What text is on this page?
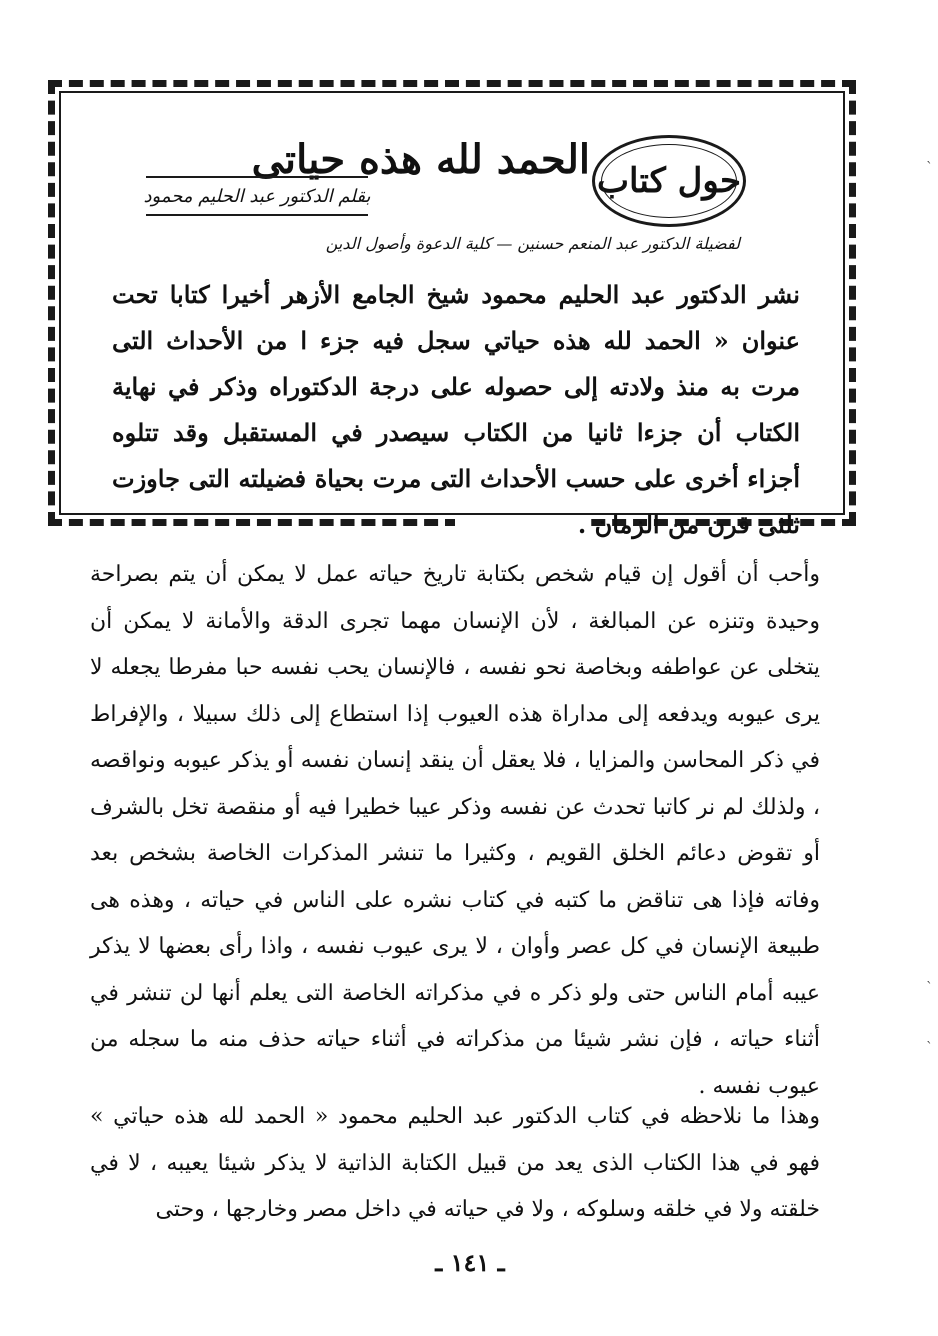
حول كتاب
الحمد لله هذه حياتى
بقلم الدكتور عبد الحليم محمود
لفضيلة الدكتور عبد المنعم حسنين — كلية الدعوة وأصول الدين

نشر الدكتور عبد الحليم محمود شيخ الجامع الأزهر أخيرا كتابا تحت عنوان « الحمد لله هذه حياتي سجل فيه جزء ا من الأحداث التى مرت به منذ ولادته إلى حصوله على درجة الدكتوراه وذكر في نهاية الكتاب أن جزءا ثانيا من الكتاب سيصدر في المستقبل وقد تتلوه أجزاء أخرى على حسب الأحداث التى مرت بحياة فضيلته التى جاوزت ثلثى قرن من الزمان .

وأحب أن أقول إن قيام شخص بكتابة تاريخ حياته عمل لا يمكن أن يتم بصراحة وحيدة وتنزه عن المبالغة ، لأن الإنسان مهما تجرى الدقة والأمانة لا يمكن أن يتخلى عن عواطفه وبخاصة نحو نفسه ، فالإنسان يحب نفسه حبا مفرطا يجعله لا يرى عيوبه ويدفعه إلى مداراة هذه العيوب إذا استطاع إلى ذلك سبيلا ، والإفراط في ذكر المحاسن والمزايا ، فلا يعقل أن ينقد إنسان نفسه أو يذكر عيوبه ونواقصه ، ولذلك لم نر كاتبا تحدث عن نفسه وذكر عيبا خطيرا فيه أو منقصة تخل بالشرف أو تقوض دعائم الخلق القويم ، وكثيرا ما تنشر المذكرات الخاصة بشخص بعد وفاته فإذا هى تناقض ما كتبه في كتاب نشره على الناس في حياته ، وهذه هى طبيعة الإنسان في كل عصر وأوان ، لا يرى عيوب نفسه ، واذا رأى بعضها لا يذكر عيبه أمام الناس حتى ولو ذكر ه في مذكراته الخاصة التى يعلم أنها لن تنشر في أثناء حياته ، فإن نشر شيئا من مذكراته في أثناء حياته حذف منه ما سجله من عيوب نفسه .

وهذا ما نلاحظه في كتاب الدكتور عبد الحليم محمود « الحمد لله هذه حياتي » فهو في هذا الكتاب الذى يعد من قبيل الكتابة الذاتية لا يذكر شيئا يعيبه ، لا في خلقته ولا في خلقه وسلوكه ، ولا في حياته في داخل مصر وخارجها ، وحتى

ـ ١٤١ ـ
ˋ
ˋ
ˋ
